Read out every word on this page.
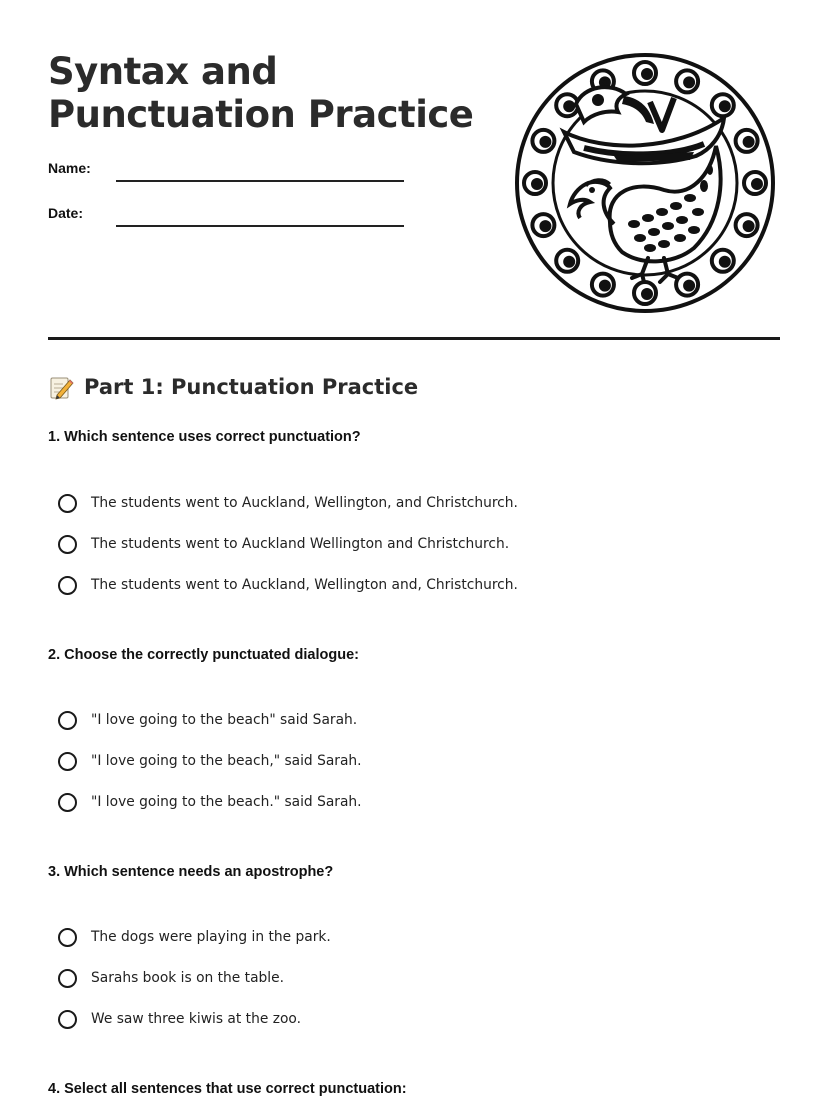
Syntax and Punctuation Practice
Name:
Date:
Part 1: Punctuation Practice
1. Which sentence uses correct punctuation?
The students went to Auckland, Wellington, and Christchurch.
The students went to Auckland Wellington and Christchurch.
The students went to Auckland, Wellington and, Christchurch.
2. Choose the correctly punctuated dialogue:
"I love going to the beach" said Sarah.
"I love going to the beach," said Sarah.
"I love going to the beach." said Sarah.
3. Which sentence needs an apostrophe?
The dogs were playing in the park.
Sarahs book is on the table.
We saw three kiwis at the zoo.
4. Select all sentences that use correct punctuation:
